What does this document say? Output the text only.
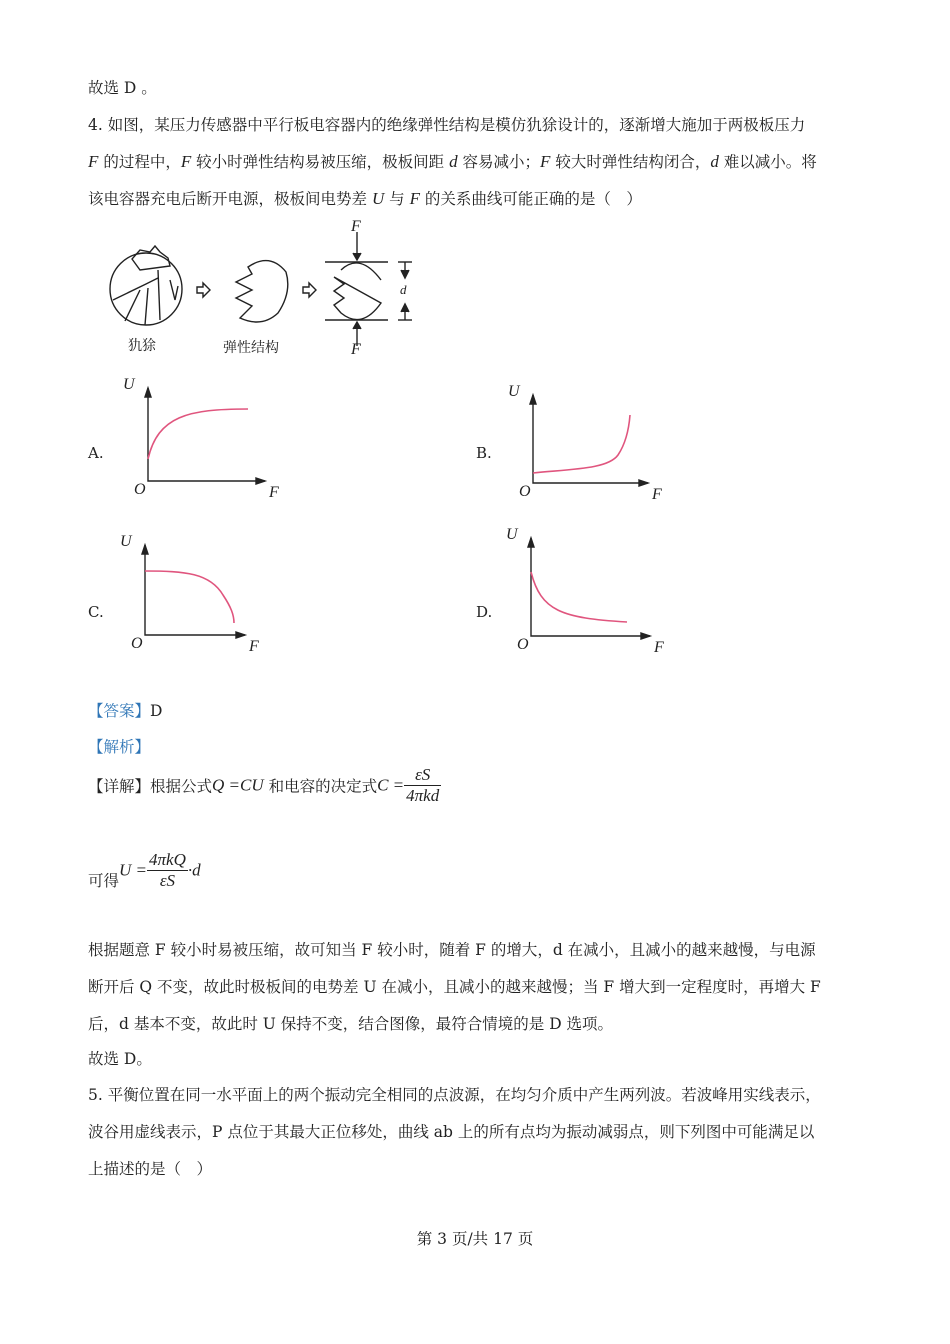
故选 D 。
4. 如图，某压力传感器中平行板电容器内的绝缘弹性结构是模仿犰狳设计的，逐渐增大施加于两极板压力
F 的过程中，F 较小时弹性结构易被压缩，极板间距 d 容易减小；F 较大时弹性结构闭合，d 难以减小。将
该电容器充电后断开电源，极板间电势差 U 与 F 的关系曲线可能正确的是（　）
F
F
d
犰狳	弹性结构
A.
U
O	F
B.
U
O	F
C.
U
O	F
D.
U
O	F
【答案】D
【解析】
【详解】根据公式Q =CU 和电容的决定式$C = \frac{\varepsilon S}{\text{4πkd}}$
可得$U = \frac{\text{4πkQ}}{\varepsilon S} \cdot d$
根据题意 F 较小时易被压缩，故可知当 F 较小时，随着 F 的增大，d 在减小，且减小的越来越慢，与电源
断开后 Q 不变，故此时极板间的电势差 U 在减小，且减小的越来越慢；当 F 增大到一定程度时，再增大 F
后，d 基本不变，故此时 U 保持不变，结合图像，最符合情境的是 D 选项。
故选 D。
5. 平衡位置在同一水平面上的两个振动完全相同的点波源，在均匀介质中产生两列波。若波峰用实线表示，
波谷用虚线表示，P 点位于其最大正位移处，曲线 ab 上的所有点均为振动减弱点，则下列图中可能满足以
上描述的是（　）
第 3 页/共 17 页
